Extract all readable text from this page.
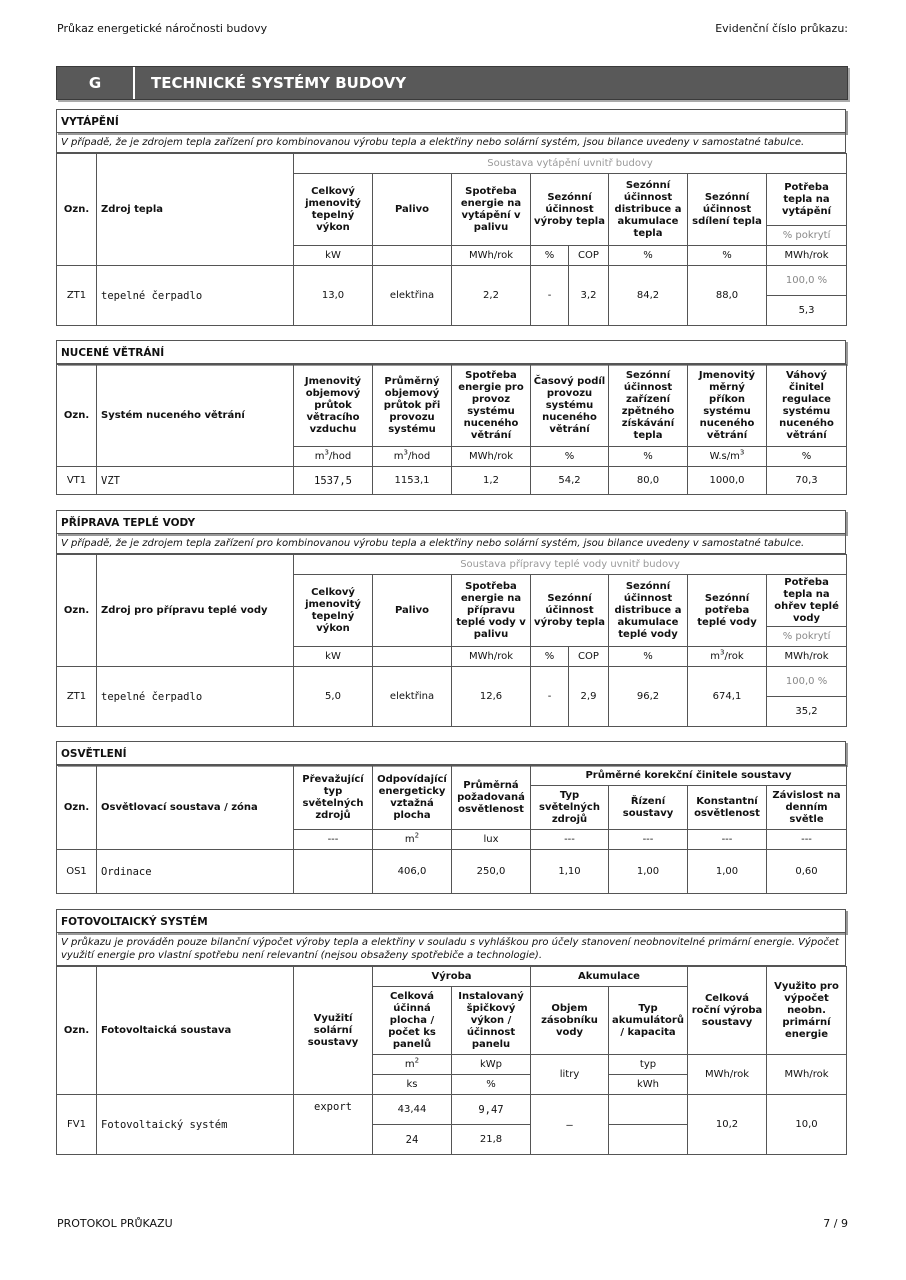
Průkaz energetické náročnosti budovy	Evidenční číslo průkazu:
G	TECHNICKÉ SYSTÉMY BUDOVY
VYTÁPĚNÍ
V případě, že je zdrojem tepla zařízení pro kombinovanou výrobu tepla a elektřiny nebo solární systém, jsou bilance uvedeny v samostatné tabulce.
Ozn.	Zdroj tepla	Soustava vytápění uvnitř budovy							
		Celkový jmenovitý tepelný výkon	Palivo	Spotřeba energie na vytápění v palivu	Sezónní účinnost výroby tepla		Sezónní účinnost distribuce a akumulace tepla	Sezónní účinnost sdílení tepla	Potřeba tepla na vytápění
									% pokrytí
		kW		MWh/rok	%	COP	%	%	MWh/rok
ZT1	tepelné čerpadlo	13,0	elektřina	2,2	-	3,2	84,2	88,0	100,0 %
									5,3
NUCENÉ VĚTRÁNÍ
Ozn.	Systém nuceného větrání	Jmenovitý objemový průtok větracího vzduchu	Průměrný objemový průtok při provozu systému	Spotřeba energie pro provoz systému nuceného větrání	Časový podíl provozu systému nuceného větrání	Sezónní účinnost zařízení zpětného získávání tepla	Jmenovitý měrný příkon systému nuceného větrání	Váhový činitel regulace systému nuceného větrání
		$m^3$/hod	$m^3$/hod	MWh/rok	%	%	$W.s/m^3$	%
VT1	VZT	1537,5	1153,1	1,2	54,2	80,0	1000,0	70,3
PŘÍPRAVA TEPLÉ VODY
V případě, že je zdrojem tepla zařízení pro kombinovanou výrobu tepla a elektřiny nebo solární systém, jsou bilance uvedeny v samostatné tabulce.
Ozn.	Zdroj pro přípravu teplé vody	Soustava přípravy teplé vody uvnitř budovy							
		Celkový jmenovitý tepelný výkon	Palivo	Spotřeba energie na přípravu teplé vody v palivu	Sezónní účinnost výroby tepla		Sezónní účinnost distribuce a akumulace teplé vody	Sezónní potřeba teplé vody	Potřeba tepla na ohřev teplé vody
									% pokrytí
		kW		MWh/rok	%	COP	%	$m^3$/rok	MWh/rok
ZT1	tepelné čerpadlo	5,0	elektřina	12,6	-	2,9	96,2	674,1	100,0 %
									35,2
OSVĚTLENÍ
Ozn.	Osvětlovací soustava / zóna	Převažující typ světelných zdrojů	Odpovídající energeticky vztažná plocha	Průměrná požadovaná osvětlenost	Průměrné korekční činitele soustavy			
					Typ světelných zdrojů	Řízení soustavy	Konstantní osvětlenost	Závislost na denním světle
		---	$m^2$	lux	---	---	---	---
OS1	Ordinace		406,0	250,0	1,10	1,00	1,00	0,60
FOTOVOLTAICKÝ SYSTÉM
V průkazu je prováděn pouze bilanční výpočet výroby tepla a elektřiny v souladu s vyhláškou pro účely stanovení neobnovitelné primární energie. Výpočet využití energie pro vlastní spotřebu není relevantní (nejsou obsaženy spotřebiče a technologie).
Ozn.	Fotovoltaická soustava	Využití solární soustavy	Výroba		Akumulace		Celková roční výroba soustavy	Využito pro výpočet neobn. primární energie
			Celková účinná plocha / počet ks panelů	Instalovaný špičkový výkon / účinnost panelu	Objem zásobníku vody	Typ akumulátorů / kapacita		
			$m^2$	kWp	litry	typ	MWh/rok	MWh/rok
			ks	%		kWh		
FV1	Fotovoltaický systém	export	43,44	9,47	–		10,2	10,0
			24	21,8				
PROTOKOL PRŮKAZU	7 / 9
